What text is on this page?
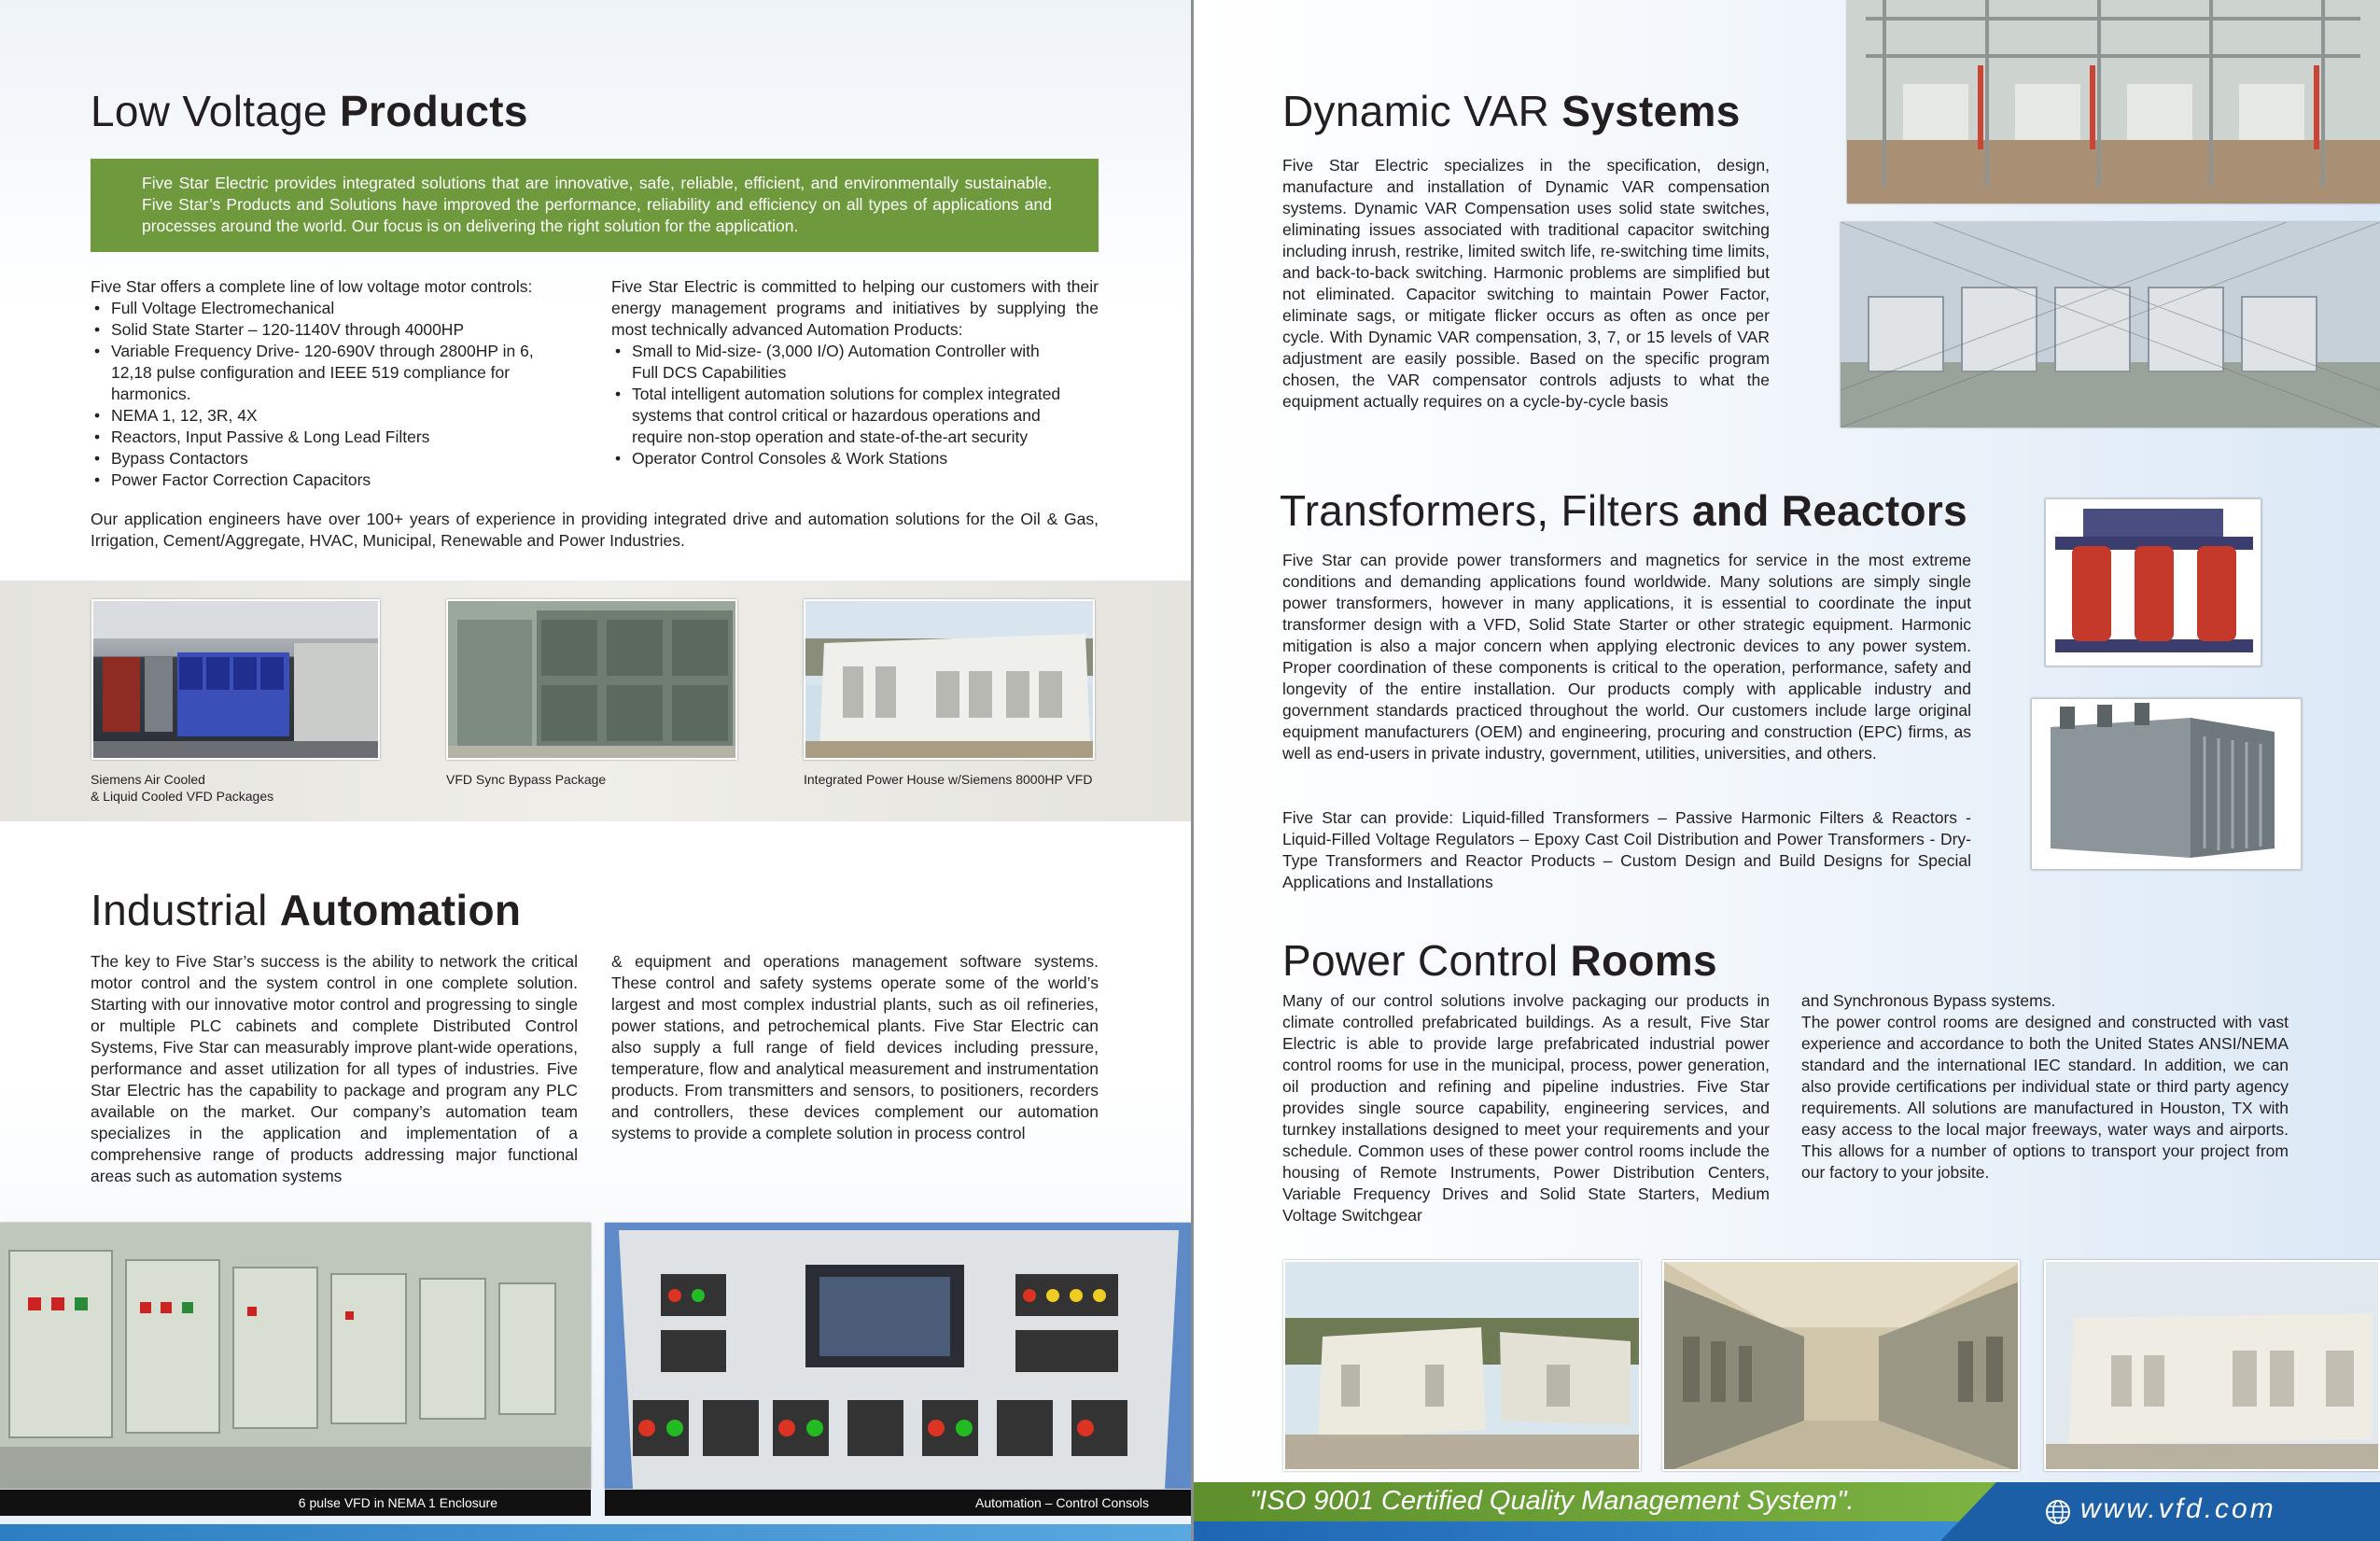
Low Voltage Products
Five Star Electric provides integrated solutions that are innovative, safe, reliable, efficient, and environmentally sustainable. Five Star’s Products and Solutions have improved the performance, reliability and efficiency on all types of applications and processes around the world. Our focus is on delivering the right solution for the application.

Five Star offers a complete line of low voltage motor controls:

• Full Voltage Electromechanical
• Solid State Starter – 120-1140V through 4000HP
• Variable Frequency Drive- 120-690V through 2800HP in 6, 12,18 pulse configuration and IEEE 519 compliance for harmonics.
• NEMA 1, 12, 3R, 4X
• Reactors, Input Passive & Long Lead Filters
• Bypass Contactors
• Power Factor Correction Capacitors

Five Star Electric is committed to helping our customers with their energy management programs and initiatives by supplying the most technically advanced Automation Products:

• Small to Mid-size- (3,000 I/O) Automation Controller with Full DCS Capabilities
• Total intelligent automation solutions for complex integrated systems that control critical or hazardous operations and require non-stop operation and state-of-the-art security
• Operator Control Consoles & Work Stations
Our application engineers have over 100+ years of experience in providing integrated drive and automation solutions for the Oil & Gas, Irrigation, Cement/Aggregate, HVAC, Municipal, Renewable and Power Industries.
Siemens Air Cooled
& Liquid Cooled VFD Packages
VFD Sync Bypass Package	Integrated Power House w/Siemens 8000HP VFD
Industrial Automation
The key to Five Star’s success is the ability to network the critical motor control and the system control in one complete solution. Starting with our innovative motor control and progressing to single or multiple PLC cabinets and complete Distributed Control Systems, Five Star can measurably improve plant-wide operations, performance and asset utilization for all types of industries. Five Star Electric has the capability to package and program any PLC available on the market. Our company’s automation team specializes in the application and implementation of a comprehensive range of products addressing major functional areas such as automation systems
& equipment and operations management software systems. These control and safety systems operate some of the world’s largest and most complex industrial plants, such as oil refineries, power stations, and petrochemical plants. Five Star Electric can also supply a full range of field devices including pressure, temperature, flow and analytical measurement and instrumentation products. From transmitters and sensors, to positioners, recorders and controllers, these devices complement our automation systems to provide a complete solution in process control
6 pulse VFD in NEMA 1 Enclosure	Automation – Control Consols
Dynamic VAR Systems
Five Star Electric specializes in the specification, design, manufacture and installation of Dynamic VAR compensation systems. Dynamic VAR Compensation uses solid state switches, eliminating issues associated with traditional capacitor switching including inrush, restrike, limited switch life, re-switching time limits, and back-to-back switching. Harmonic problems are simplified but not eliminated. Capacitor switching to maintain Power Factor, eliminate sags, or mitigate flicker occurs as often as once per cycle. With Dynamic VAR compensation, 3, 7, or 15 levels of VAR adjustment are easily possible. Based on the specific program chosen, the VAR compensator controls adjusts to what the equipment actually requires on a cycle-by-cycle basis
Transformers, Filters and Reactors
Five Star can provide power transformers and magnetics for service in the most extreme conditions and demanding applications found worldwide. Many solutions are simply single power transformers, however in many applications, it is essential to coordinate the input transformer design with a VFD, Solid State Starter or other strategic equipment. Harmonic mitigation is also a major concern when applying electronic devices to any power system. Proper coordination of these components is critical to the operation, performance, safety and longevity of the entire installation. Our products comply with applicable industry and government standards practiced throughout the world. Our customers include large original equipment manufacturers (OEM) and engineering, procuring and construction (EPC) firms, as well as end-users in private industry, government, utilities, universities, and others.
Five Star can provide: Liquid-filled Transformers – Passive Harmonic Filters & Reactors - Liquid-Filled Voltage Regulators – Epoxy Cast Coil Distribution and Power Transformers - Dry-Type Transformers and Reactor Products – Custom Design and Build Designs for Special Applications and Installations
Power Control Rooms
Many of our control solutions involve packaging our products in climate controlled prefabricated buildings. As a result, Five Star Electric is able to provide large prefabricated industrial power control rooms for use in the municipal, process, power generation, oil production and refining and pipeline industries. Five Star provides single source capability, engineering services, and turnkey installations designed to meet your requirements and your schedule. Common uses of these power control rooms include the housing of Remote Instruments, Power Distribution Centers, Variable Frequency Drives and Solid State Starters, Medium Voltage Switchgear

and Synchronous Bypass systems.

The power control rooms are designed and constructed with vast experience and accordance to both the United States ANSI/NEMA standard and the international IEC standard. In addition, we can also provide certifications per individual state or third party agency requirements. All solutions are manufactured in Houston, TX with easy access to the local major freeways, water ways and airports. This allows for a number of options to transport your project from our factory to your jobsite.

"ISO 9001 Certified Quality Management System".	www.vfd.com
